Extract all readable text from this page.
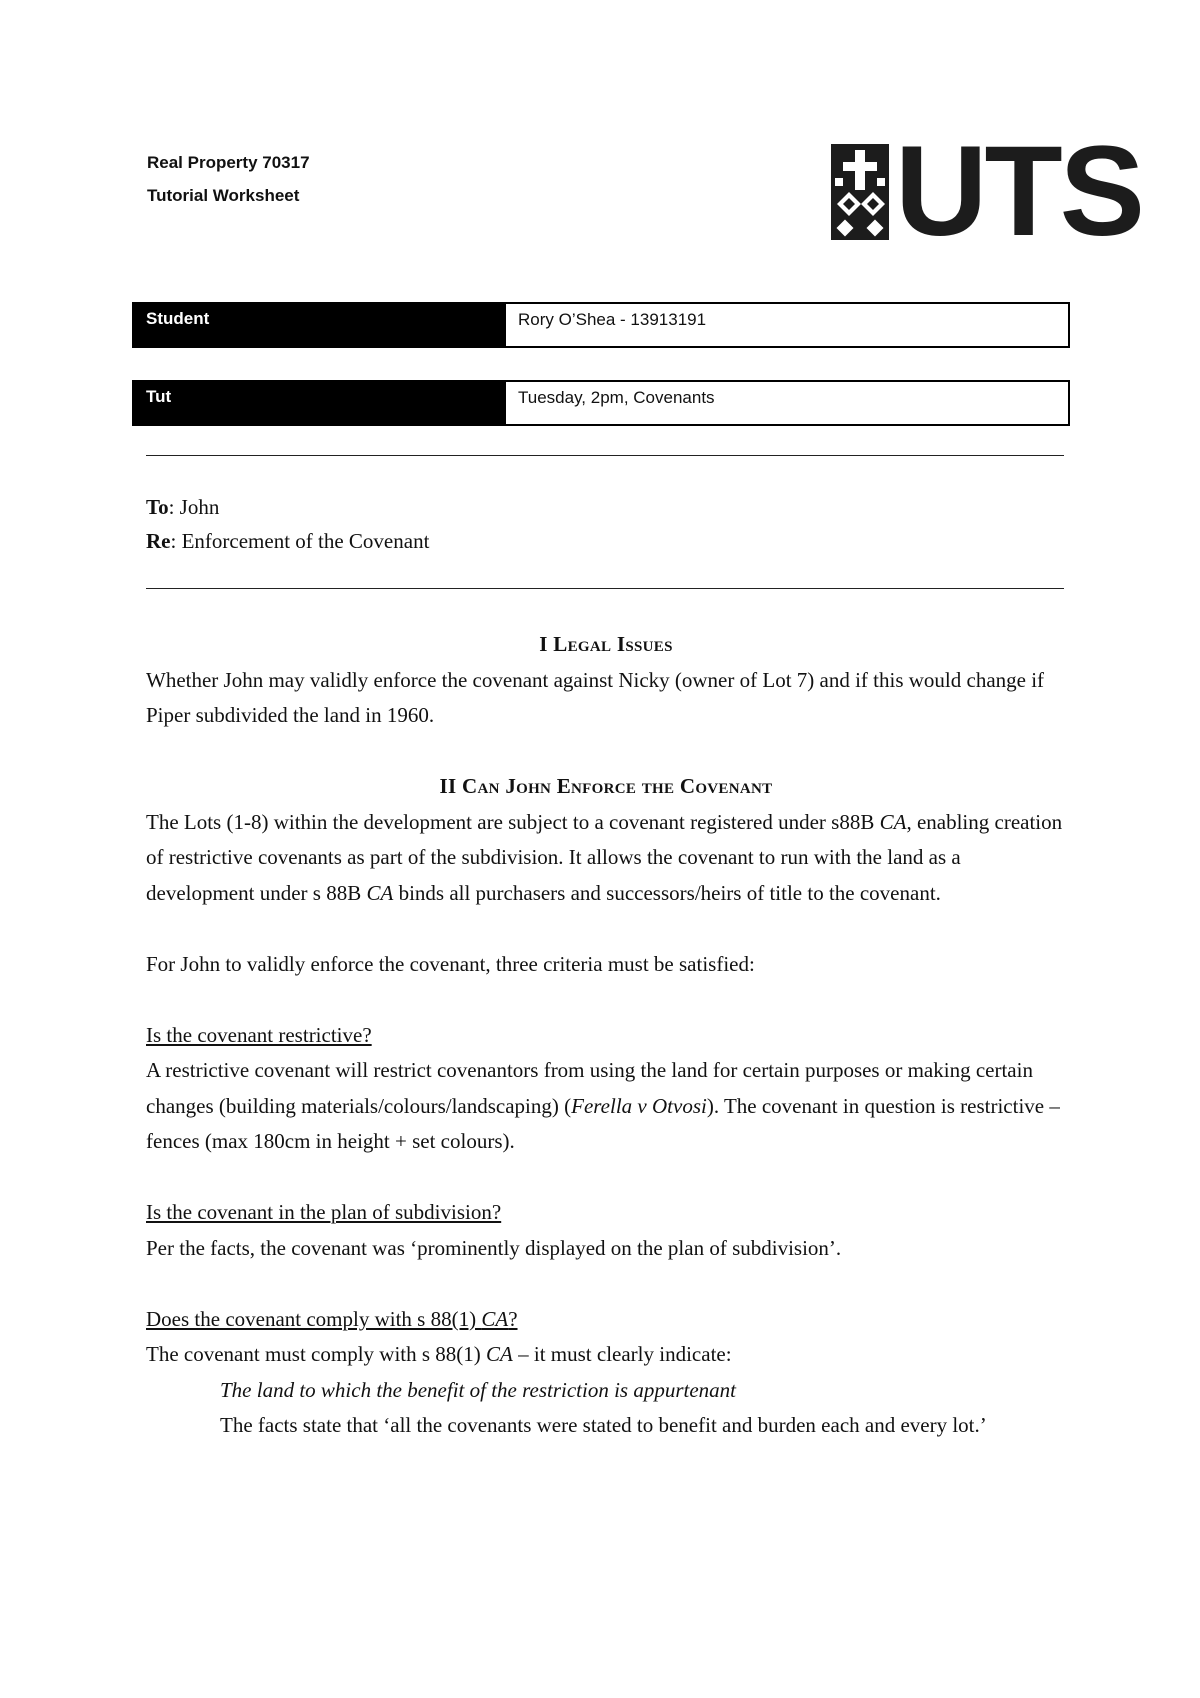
Real Property 70317
Tutorial Worksheet	UTS
Student	Rory O’Shea - 13913191
Tut	Tuesday, 2pm, Covenants
To: John
Re: Enforcement of the Covenant
I Legal Issues

Whether John may validly enforce the covenant against Nicky (owner of Lot 7) and if this would change if Piper subdivided the land in 1960.

II Can John Enforce the Covenant

The Lots (1-8) within the development are subject to a covenant registered under s88B CA, enabling creation of restrictive covenants as part of the subdivision. It allows the covenant to run with the land as a development under s 88B CA binds all purchasers and successors/heirs of title to the covenant.

For John to validly enforce the covenant, three criteria must be satisfied:

Is the covenant restrictive?

A restrictive covenant will restrict covenantors from using the land for certain purposes or making certain changes (building materials/colours/landscaping) (Ferella v Otvosi). The covenant in question is restrictive – fences (max 180cm in height + set colours).

Is the covenant in the plan of subdivision?

Per the facts, the covenant was ‘prominently displayed on the plan of subdivision’.

Does the covenant comply with s 88(1) CA?

The covenant must comply with s 88(1) CA – it must clearly indicate:

The land to which the benefit of the restriction is appurtenant

The facts state that ‘all the covenants were stated to benefit and burden each and every lot.’
